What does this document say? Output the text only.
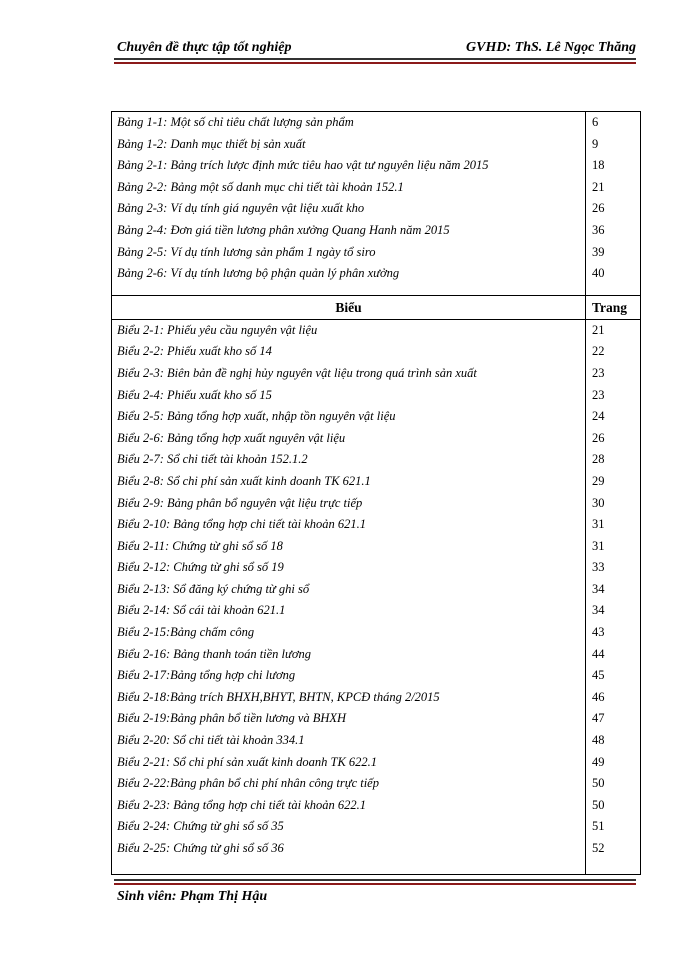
Chuyên đề thực tập tốt nghiệp	GVHD: ThS. Lê Ngọc Thăng
Bảng 1-1: Một số chỉ tiêu chất lượng sản phẩm	6
Bảng 1-2: Danh mục thiết bị sản xuất	9
Bảng 2-1: Bảng trích lược định mức tiêu hao vật tư nguyên liệu năm 2015	18
Bảng 2-2: Bảng một số danh mục chi tiết tài khoản 152.1	21
Bảng 2-3: Ví dụ tính giá nguyên vật liệu xuất kho	26
Bảng 2-4: Đơn giá tiền lương phân xưởng Quang Hanh năm 2015	36
Bảng 2-5: Ví dụ tính lương sản phẩm 1 ngày tổ siro	39
Bảng 2-6: Ví dụ tính lương bộ phận quản lý phân xưởng	40
Biểu	Trang
Biểu 2-1: Phiếu yêu cầu nguyên vật liệu	21
Biểu 2-2: Phiếu xuất kho số 14	22
Biểu 2-3: Biên bản đề nghị hủy nguyên vật liệu trong quá trình sản xuất	23
Biểu 2-4: Phiếu xuất kho số 15	23
Biểu 2-5: Bảng tổng hợp xuất, nhập tồn nguyên vật liệu	24
Biểu 2-6: Bảng tổng hợp xuất nguyên vật liệu	26
Biểu 2-7: Sổ chi tiết tài khoản 152.1.2	28
Biểu 2-8: Sổ chi phí sản xuất kinh doanh TK 621.1	29
Biểu 2-9: Bảng phân bổ nguyên vật liệu trực tiếp	30
Biểu 2-10: Bảng tổng hợp chi tiết tài khoản 621.1	31
Biểu 2-11: Chứng từ ghi sổ số 18	31
Biểu 2-12: Chứng từ ghi sổ số 19	33
Biểu 2-13: Sổ đăng ký chứng từ ghi sổ	34
Biểu 2-14: Sổ cái tài khoản 621.1	34
Biểu 2-15:Bảng chấm công	43
Biểu 2-16: Bảng thanh toán tiền lương	44
Biểu 2-17:Bảng tổng hợp chi lương	45
Biểu 2-18:Bảng trích BHXH,BHYT, BHTN, KPCĐ tháng 2/2015	46
Biểu 2-19:Bảng phân bổ tiền lương và BHXH	47
Biểu 2-20: Sổ chi tiết tài khoản 334.1	48
Biểu 2-21: Sổ chi phí sản xuất kinh doanh TK 622.1	49
Biểu 2-22:Bảng phân bổ chi phí nhân công trực tiếp	50
Biểu 2-23: Bảng tổng hợp chi tiết tài khoản 622.1	50
Biểu 2-24: Chứng từ ghi sổ số 35	51
Biểu 2-25: Chứng từ ghi sổ số 36	52
Sinh viên: Phạm Thị Hậu
